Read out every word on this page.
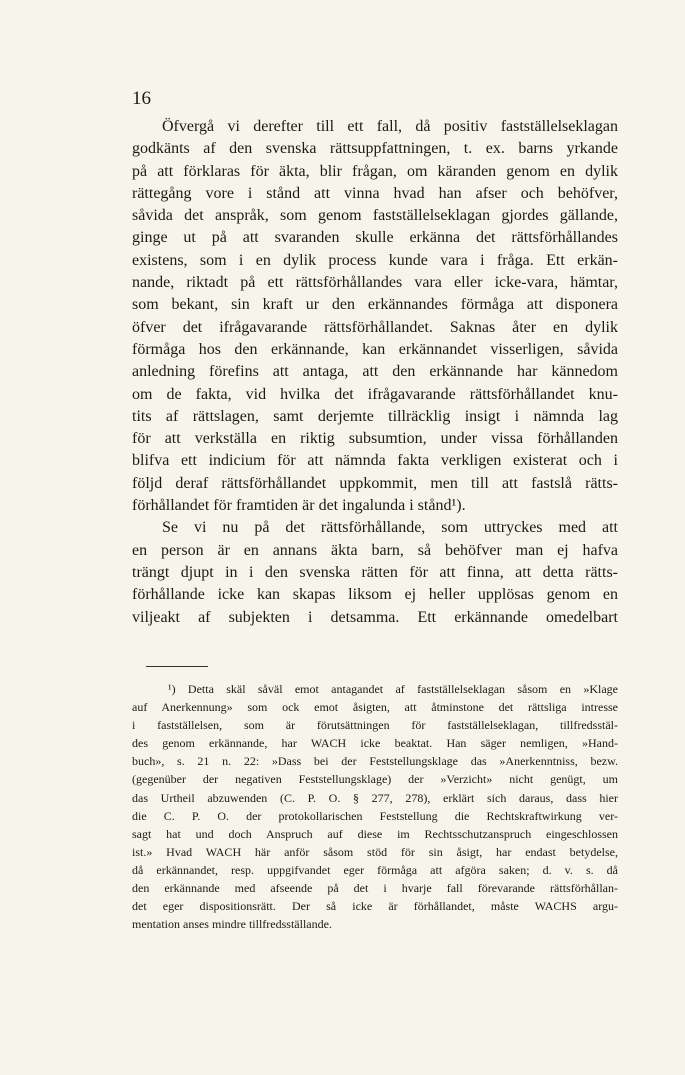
16
Öfvergå vi derefter till ett fall, då positiv fastställelseklagan
godkänts af den svenska rättsuppfattningen, t. ex. barns yrkande
på att förklaras för äkta, blir frågan, om käranden genom en dylik
rättegång vore i stånd att vinna hvad han afser och behöfver,
såvida det anspråk, som genom fastställelseklagan gjordes gällande,
ginge ut på att svaranden skulle erkänna det rättsförhållandes
existens, som i en dylik process kunde vara i fråga. Ett erkän-
nande, riktadt på ett rättsförhållandes vara eller icke-vara, hämtar,
som bekant, sin kraft ur den erkännandes förmåga att disponera
öfver det ifrågavarande rättsförhållandet. Saknas åter en dylik
förmåga hos den erkännande, kan erkännandet visserligen, såvida
anledning förefins att antaga, att den erkännande har kännedom
om de fakta, vid hvilka det ifrågavarande rättsförhållandet knu-
tits af rättslagen, samt derjemte tillräcklig insigt i nämnda lag
för att verkställa en riktig subsumtion, under vissa förhållanden
blifva ett indicium för att nämnda fakta verkligen existerat och i
följd deraf rättsförhållandet uppkommit, men till att fastslå rätts-
förhållandet för framtiden är det ingalunda i stånd¹).
Se vi nu på det rättsförhållande, som uttryckes med att
en person är en annans äkta barn, så behöfver man ej hafva
trängt djupt in i den svenska rätten för att finna, att detta rätts-
förhållande icke kan skapas liksom ej heller upplösas genom en
viljeakt af subjekten i detsamma. Ett erkännande omedelbart
¹) Detta skäl såväl emot antagandet af fastställelseklagan såsom en »Klage
auf Anerkennung» som ock emot åsigten, att åtminstone det rättsliga intresse
i fastställelsen, som är förutsättningen för fastställelseklagan, tillfredsstäl-
des genom erkännande, har WACH icke beaktat. Han säger nemligen, »Hand-
buch», s. 21 n. 22: »Dass bei der Feststellungsklage das »Anerkenntniss, bezw.
(gegenüber der negativen Feststellungsklage) der »Verzicht» nicht genügt, um
das Urtheil abzuwenden (C. P. O. § 277, 278), erklärt sich daraus, dass hier
die C. P. O. der protokollarischen Feststellung die Rechtskraftwirkung ver-
sagt hat und doch Anspruch auf diese im Rechtsschutzanspruch eingeschlossen
ist.» Hvad WACH här anför såsom stöd för sin åsigt, har endast betydelse,
då erkännandet, resp. uppgifvandet eger förmåga att afgöra saken; d. v. s. då
den erkännande med afseende på det i hvarje fall förevarande rättsförhållan-
det eger dispositionsrätt. Der så icke är förhållandet, måste WACHS argu-
mentation anses mindre tillfredsställande.
